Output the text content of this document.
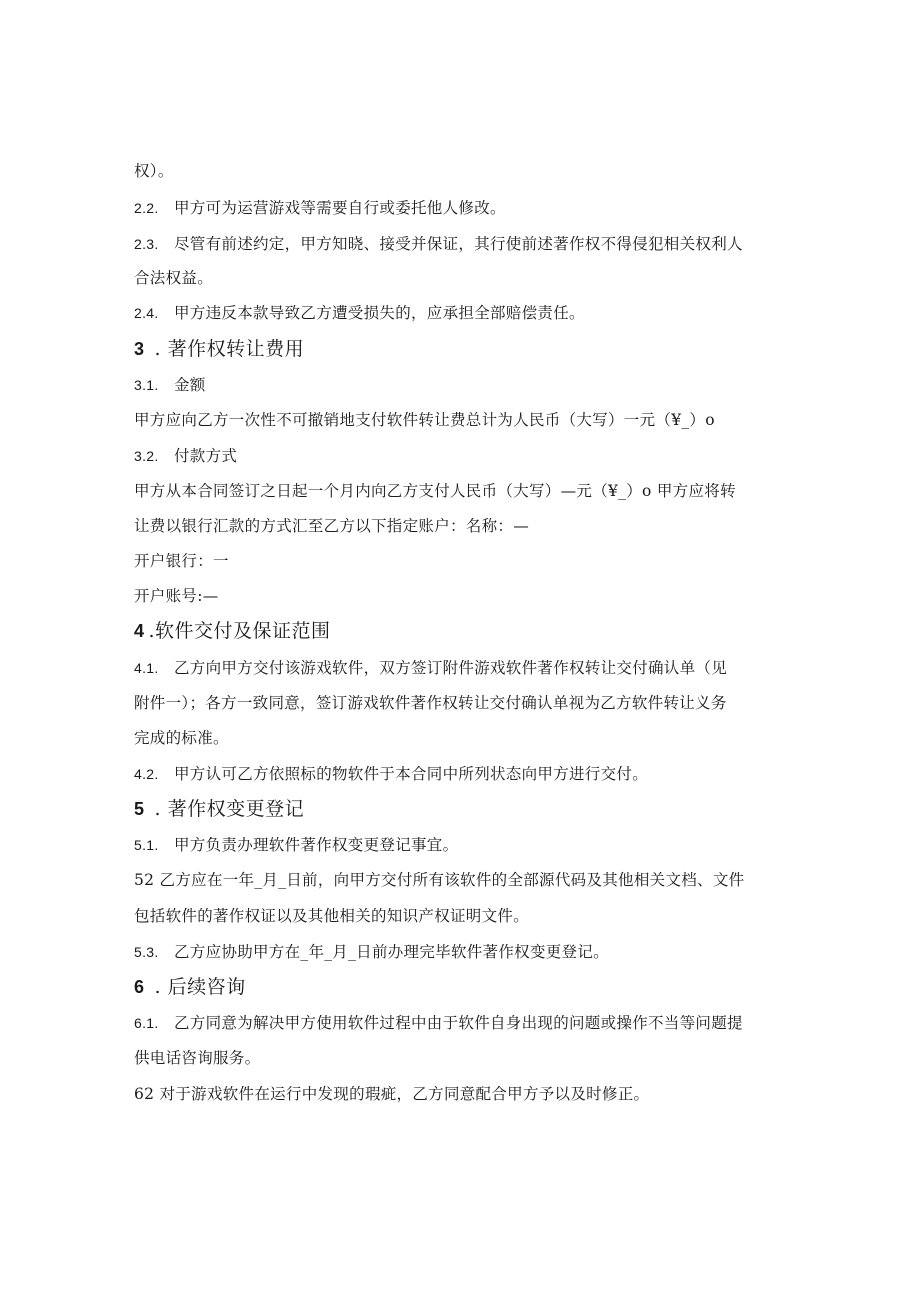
权）。
2.2. 甲方可为运营游戏等需要自行或委托他人修改。
2.3. 尽管有前述约定，甲方知晓、接受并保证，其行使前述著作权不得侵犯相关权利人
合法权益。
2.4. 甲方违反本款导致乙方遭受损失的，应承担全部赔偿责任。
3 . 著作权转让费用
3.1. 金额
甲方应向乙方一次性不可撤销地支付软件转让费总计为人民币（大写）一元（¥_）o
3.2. 付款方式
甲方从本合同签订之日起一个月内向乙方支付人民币（大写）—元（¥_）o 甲方应将转
让费以银行汇款的方式汇至乙方以下指定账户：名称：—
开户银行：一
开户账号:—
4 .软件交付及保证范围
4.1. 乙方向甲方交付该游戏软件，双方签订附件游戏软件著作权转让交付确认单（见
附件一）；各方一致同意，签订游戏软件著作权转让交付确认单视为乙方软件转让义务
完成的标准。
4.2. 甲方认可乙方依照标的物软件于本合同中所列状态向甲方进行交付。
5 . 著作权变更登记
5.1. 甲方负责办理软件著作权变更登记事宜。
52 乙方应在一年_月_日前，向甲方交付所有该软件的全部源代码及其他相关文档、文件
包括软件的著作权证以及其他相关的知识产权证明文件。
5.3. 乙方应协助甲方在_年_月_日前办理完毕软件著作权变更登记。
6 . 后续咨询
6.1. 乙方同意为解决甲方使用软件过程中由于软件自身出现的问题或操作不当等问题提
供电话咨询服务。
62 对于游戏软件在运行中发现的瑕疵，乙方同意配合甲方予以及时修正。
